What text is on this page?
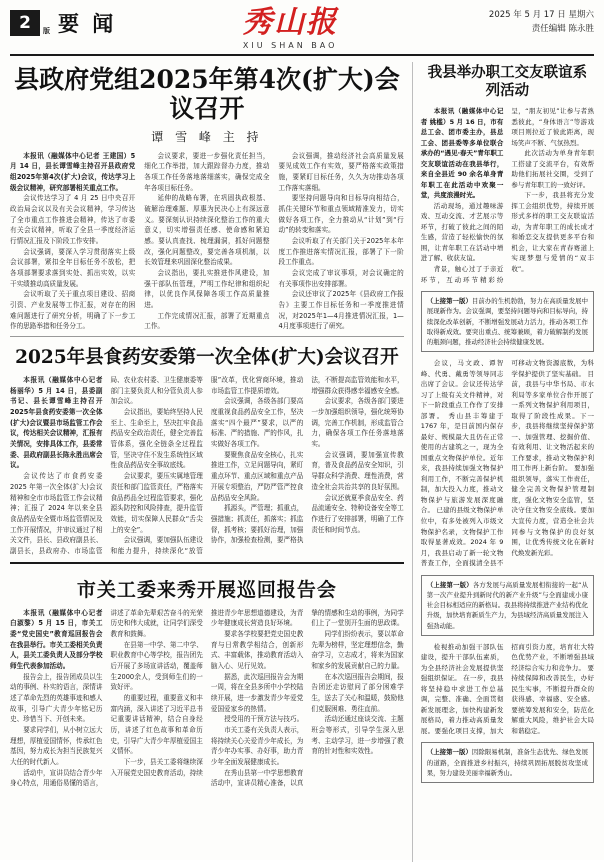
2 版 要 闻	秀山报
XIU SHAN BAO
2025 年 5 月 17 日 星期六
责任编辑 陈永胜
县政府党组2025年第4次(扩大)会议召开
谭 雪 峰 主 持

本报讯（融媒体中心记者 王建国）5 月 14 日，县长谭雪峰主持召开县政府党组2025年第4次(扩大)会议，传达学习上级会议精神，研究部署相关重点工作。

会议传达学习了 4 月 25 日中央召开政治局会议以及有关会议精神，学习传达了全市重点工作推进会精神，传达了市委有关会议精神，听取了全县一季度经济运行情况汇报及下阶段工作安排。

会议强调，要深入学习贯彻落实上级会议部署，紧扣全年目标任务不放松，把各项部署要求落到实处、抓出实效，以实干实绩推动高质量发展。

会议听取了关于重点项目建设、招商引资、产业发展等工作汇报，对存在的困难问题进行了研究分析，明确了下一步工作的思路举措和任务分工。

会议要求，要进一步强化责任担当，细化工作举措，加大跟踪督办力度，推动各项工作任务落地落细落实，确保完成全年各项目标任务。

延伸的战略布署，在巩固执政根基、破解治理难题、厚惠为民决心上有深远意义。要深刻认识持续深化整治工作的重大意义，切实增强责任感、使命感和紧迫感。要认真查找、梳理漏洞，抓好问题整改，强化问题整改，要完善各项机制，以长效管理来巩固深化整治成果。

会议指出，要扎实推进作风建设，加强干部队伍管理，严明工作纪律和组织纪律，以优良作风保障各项工作高质量推进。

工作完成情况汇报，部署了近期重点工作。

会议强调，推动经济社会高质量发展要见成效工作有实效，要严格落实政策措施，要紧盯目标任务，久久为功推动各项工作落实落细。

要坚持问题导向和目标导向相结合，抓住关键环节和重点领域精准发力，切实做好各项工作，全力推动从“计划”到“行动”的转变和落实。

会议听取了有关部门关于2025年本年度工作推进落实情况汇报，部署了下一阶段工作重点。

会议完成了审议事项，对会议确定的有关事项作出安排部署。

会议还审议了2025年《县政府工作报告》主要工作目标任务和一季度推进情况，对2025年1—4月推进情况汇报，1—4月度事项进行了研究。

2025年县食药安委第一次全体(扩大)会议召开

本报讯（融媒体中心记者 杨丽华）5 月 14 日，县委副书记、县长谭雪峰主持召开2025年县食药安委第一次全体(扩大)会议暨县市场监管工作会议，传达相关会议精神，汇报有关情况，安排具体工作，县委常委、县政府副县长陈永胜出席会议。

会议传达了市食药安委2025 年第一次全体(扩大)会议精神和全市市场监管工作会议精神；汇报了 2024 年以来全县食品药品安全暨市场监管情况及工作开展情况，并审议通过了相关文件，县长、县政府副县长、副县长，县政府办、市场监管局、农业农村委、卫生健康委等部门主要负责人和分管负责人参加会议。

会议指出，要始终坚持人民至上、生命至上，坚决扛牢食品药品安全政治责任，健全完善监管体系，强化全链条全过程监管，坚决守住不发生系统性区域性食品药品安全事故底线。

会议要求，要压实属地管理责任和部门监管责任，严格落实食品药品全过程监管要求，强化源头防控和风险排查，提升监管效能，切实保障人民群众“舌尖上的安全”。

会议强调，要加强队伍建设和能力提升，持续深化“放管服”改革，优化营商环境，推动市场监管工作提质增效。

会议强调，各级各部门要高度重视食品药品安全工作，坚决落实“四个最严”要求，以严的标准、严的措施、严的作风，扎实做好各项工作。

要聚焦食品安全核心，扎实推进工作，立足问题导向，紧盯重点环节、重点区域和重点产品开展专项整治，严防严管严控食品药品安全风险。

抓源头，严管理；抓重点，强措施；抓责任，抓落实；抓监督，抓考核；要抓好治理，加强协作，加强检查检测，要严格执法，不断提高监管效能和水平，增强群众获得感幸福感安全感。

会议要求，各级各部门要进一步加强组织领导，强化统筹协调，完善工作机制，形成监管合力，确保各项工作任务落地落实。

会议强调，要加强宣传教育，普及食品药品安全知识，引导群众科学消费、理性消费，营造全社会共治共享的良好氛围。

会议还就夏季食品安全、药品流通安全、特种设备安全等工作进行了安排部署，明确了工作责任和时间节点。

市关工委来秀开展巡回报告会

本报讯（融媒体中心记者 白淑黎）5 月 15 日，市关工委“党史国史”教育巡回报告会在我县举行。市关工委相关负责人，县关工委负责人及部分学校师生代表参加活动。

报告会上，报告团成员以生动的事例、朴实的语言，深情讲述了革命先烈的英雄事迹和感人故事，引导广大青少年铭记历史、珍惜当下、开创未来。

要求同学们，从小树立远大理想，厚植爱国情怀，传承红色基因，努力成长为担当民族复兴大任的时代新人。

活动中，宣讲员结合青少年身心特点，用通俗易懂的语言，讲述了革命先辈艰苦奋斗的光荣历史和伟大成就，让同学们深受教育和鼓舞。

在县第一中学、第二中学、职业教育中心等学校，报告团先后开展了多场宣讲活动，覆盖师生2000余人，受到师生们的一致好评。

的重要过程，重要意义和丰富内涵，深入讲述了习近平总书记重要讲话精神，结合自身经历，讲述了红色故事和革命历史，引导广大青少年厚植爱国主义情怀。

下一步，县关工委将继续深入开展党史国史教育活动，持续推进青少年思想道德建设，为青少年健康成长营造良好环境。

要求各学校要把党史国史教育与日常教学相结合，创新形式、丰富载体，推动教育活动入脑入心、见行见效。

据悉，此次巡回报告会为期一周，将在全县多所中小学校陆续开展，进一步激发青少年爱党爱国爱家乡的热情。

授受用的干预方法与技巧。

市关工委有关负责人表示，将持续关心关爱青少年成长，为青少年办实事、办好事，助力青少年全面发展健康成长。

在秀山县第一中学思想教育活动中，宣讲员精心准备，以真挚的情感和生动的事例，为同学们上了一堂别开生面的思政课。

同学们纷纷表示，要以革命先辈为榜样，坚定理想信念，勤奋学习，立志成才，将来为国家和家乡的发展贡献自己的力量。

在本次巡回报告会期间，报告团还走访慰问了部分困难学生，送去了关心和温暖，鼓励他们克服困难、勇往直前。

活动还通过座谈交流、主题班会等形式，引导学生深入思考、主动学习，进一步增强了教育的针对性和实效性。

我县举办职工交友联谊系列活动

本报讯（融媒体中心记者 姚槛）5 月 16 日，市有总工会、团市委主办，县总工会、团县委等多单位联合承办的“遇见·春天”青年职工交友联谊活动在我县举行，来自全县近 90 余名单身青年职工在此活动中欢聚一堂，共度浪漫时光。

活动现场，通过趣味游戏、互动交流、才艺展示等环节，打破了彼此之间的陌生感，营造了轻松愉快的氛围，让青年职工在活动中增进了解、收获友谊。

背景，触心过了于亲近环节，互动环节精彩纷呈，“朋友初见”让参与者熟悉彼此，“身体语言”等游戏项目则拉近了彼此距离，现场笑声不断、气氛热烈。

此次活动为单身青年职工搭建了交流平台，有效帮助他们拓展社交圈，受到了参与青年职工的一致好评。

下一步，我县将充分发挥工会组织优势，持续开展形式多样的职工交友联谊活动，为青年职工的成长成才和婚恋交友提供更多平台和机会，让大家在青春赛道上实现梦想与爱情的“双丰收”。

（上接第一版）目前办的生机勃勃，努力在高质量发展中展现新作为。会议强调，要坚持问题导向和目标导向，持续深化改革创新，不断增强发展动力活力，推动各项工作取得新成效。要突出重点、统筹兼顾，着力破解制约发展的瓶颈问题，推动经济社会持续健康发展。

会议，马文政、谭智峰、代勇、戴勇等领导同志出席了会议。会议还传达学习了上级有关文件精神，对下一阶段重点工作作了安排部署。 秀山县丰筹建于 1767 年，是目前国内保存最好、规模最大且仍在正常使用的古建筑之一，现为全国重点文物保护单位。近年来，我县持续加强文物保护利用工作，不断完善保护机制，加大投入力度，推动文物保护与旅游发展深度融合。 已建的县级文物保护单位中，有多处被列入市级文物保护名录，文物保护工作取得显著成效。2024 年 9 月，我县启动了新一轮文物普查工作，全面摸清全县不可移动文物资源底数，为科学保护提供了坚实基础。 目前，我县与中华书局、市水利局等多家单位合作开展了一系列文物保护利用项目，取得了阶段性成果。下一步，我县将继续坚持保护第一、加强管理、挖掘价值、有效利用、让文物活起来的工作要求，推动文物保护利用工作再上新台阶。 要加强组织领导，落实工作责任，健全完善文物保护管理制度，强化文物安全监管，坚决守住文物安全底线。要加大宣传力度，营造全社会共同参与文物保护的良好氛围，让优秀传统文化在新时代焕发新光彩。

（上接第一版）各方发展与高质量发展相衔接的一起“从第一次产业提升到新时代的新产业升级”与全面建成小康社会目标相适应的新格局。我县将持续推进产业结构优化升级，加快培育新质生产力，为县域经济高质量发展注入强劲动能。

检视推动加强干部队伍建设，提升干部队伍素质，为全县经济社会发展提供坚强组织保证。 在一步，我县将坚持稳中求进工作总基调，完整、准确、全面贯彻新发展理念，加快构建新发展格局，着力推动高质量发展。要强化项目支撑，加大招商引资力度，培育壮大特色优势产业，不断增强县域经济综合实力和竞争力。 要持续保障和改善民生，办好民生实事，不断提升群众的获得感、幸福感、安全感。要统筹发展和安全，防范化解重大风险，维护社会大局和谐稳定。

（上接第一版）因除限易机制，准备生态优先、绿色发展的道路，全面推进乡村振兴，持续巩固拓展脱贫攻坚成果，努力建设美丽幸福新秀山。
